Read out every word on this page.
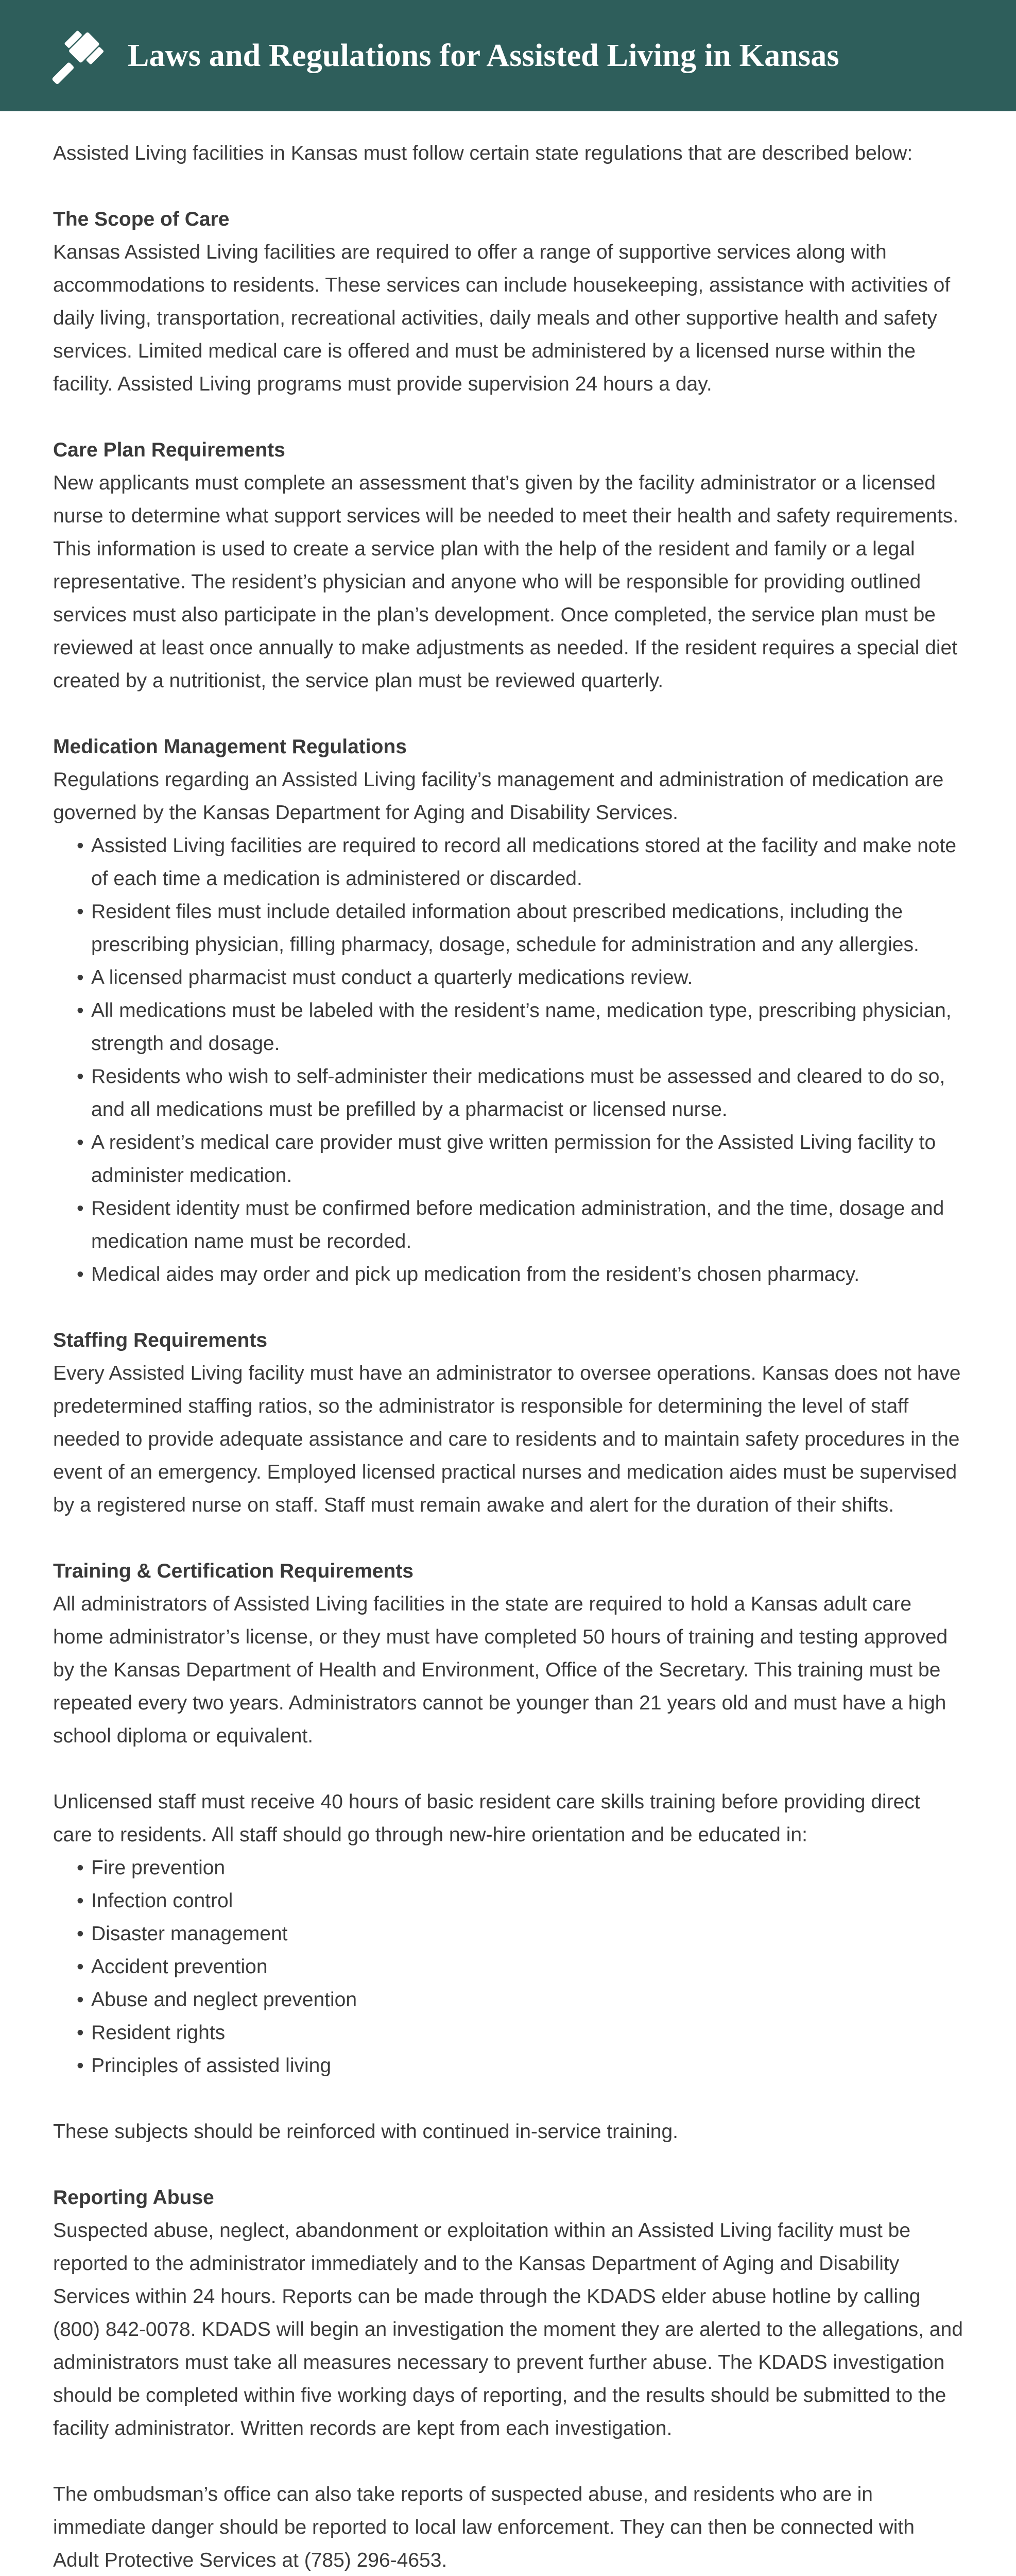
Laws and Regulations for Assisted Living in Kansas

Assisted Living facilities in Kansas must follow certain state regulations that are described below:

The Scope of Care

Kansas Assisted Living facilities are required to offer a range of supportive services along with accommodations to residents. These services can include housekeeping, assistance with activities of daily living, transportation, recreational activities, daily meals and other supportive health and safety services. Limited medical care is offered and must be administered by a licensed nurse within the facility. Assisted Living programs must provide supervision 24 hours a day.

Care Plan Requirements

New applicants must complete an assessment that’s given by the facility administrator or a licensed nurse to determine what support services will be needed to meet their health and safety requirements. This information is used to create a service plan with the help of the resident and family or a legal representative. The resident’s physician and anyone who will be responsible for providing outlined services must also participate in the plan’s development. Once completed, the service plan must be reviewed at least once annually to make adjustments as needed. If the resident requires a special diet created by a nutritionist, the service plan must be reviewed quarterly.

Medication Management Regulations

Regulations regarding an Assisted Living facility’s management and administration of medication are governed by the Kansas Department for Aging and Disability Services.

• Assisted Living facilities are required to record all medications stored at the facility and make note of each time a medication is administered or discarded.
• Resident files must include detailed information about prescribed medications, including the prescribing physician, filling pharmacy, dosage, schedule for administration and any allergies.
• A licensed pharmacist must conduct a quarterly medications review.
• All medications must be labeled with the resident’s name, medication type, prescribing physician, strength and dosage.
• Residents who wish to self-administer their medications must be assessed and cleared to do so, and all medications must be prefilled by a pharmacist or licensed nurse.
• A resident’s medical care provider must give written permission for the Assisted Living facility to administer medication.
• Resident identity must be confirmed before medication administration, and the time, dosage and medication name must be recorded.
• Medical aides may order and pick up medication from the resident’s chosen pharmacy.

Staffing Requirements

Every Assisted Living facility must have an administrator to oversee operations. Kansas does not have predetermined staffing ratios, so the administrator is responsible for determining the level of staff needed to provide adequate assistance and care to residents and to maintain safety procedures in the event of an emergency. Employed licensed practical nurses and medication aides must be supervised by a registered nurse on staff. Staff must remain awake and alert for the duration of their shifts.

Training & Certification Requirements

All administrators of Assisted Living facilities in the state are required to hold a Kansas adult care home administrator’s license, or they must have completed 50 hours of training and testing approved by the Kansas Department of Health and Environment, Office of the Secretary. This training must be repeated every two years. Administrators cannot be younger than 21 years old and must have a high school diploma or equivalent.

Unlicensed staff must receive 40 hours of basic resident care skills training before providing direct care to residents. All staff should go through new-hire orientation and be educated in:

• Fire prevention
• Infection control
• Disaster management
• Accident prevention
• Abuse and neglect prevention
• Resident rights
• Principles of assisted living

These subjects should be reinforced with continued in-service training.

Reporting Abuse

Suspected abuse, neglect, abandonment or exploitation within an Assisted Living facility must be reported to the administrator immediately and to the Kansas Department of Aging and Disability Services within 24 hours. Reports can be made through the KDADS elder abuse hotline by calling (800) 842-0078. KDADS will begin an investigation the moment they are alerted to the allegations, and administrators must take all measures necessary to prevent further abuse. The KDADS investigation should be completed within five working days of reporting, and the results should be submitted to the facility administrator. Written records are kept from each investigation.

The ombudsman’s office can also take reports of suspected abuse, and residents who are in immediate danger should be reported to local law enforcement. They can then be connected with Adult Protective Services at (785) 296-4653.
